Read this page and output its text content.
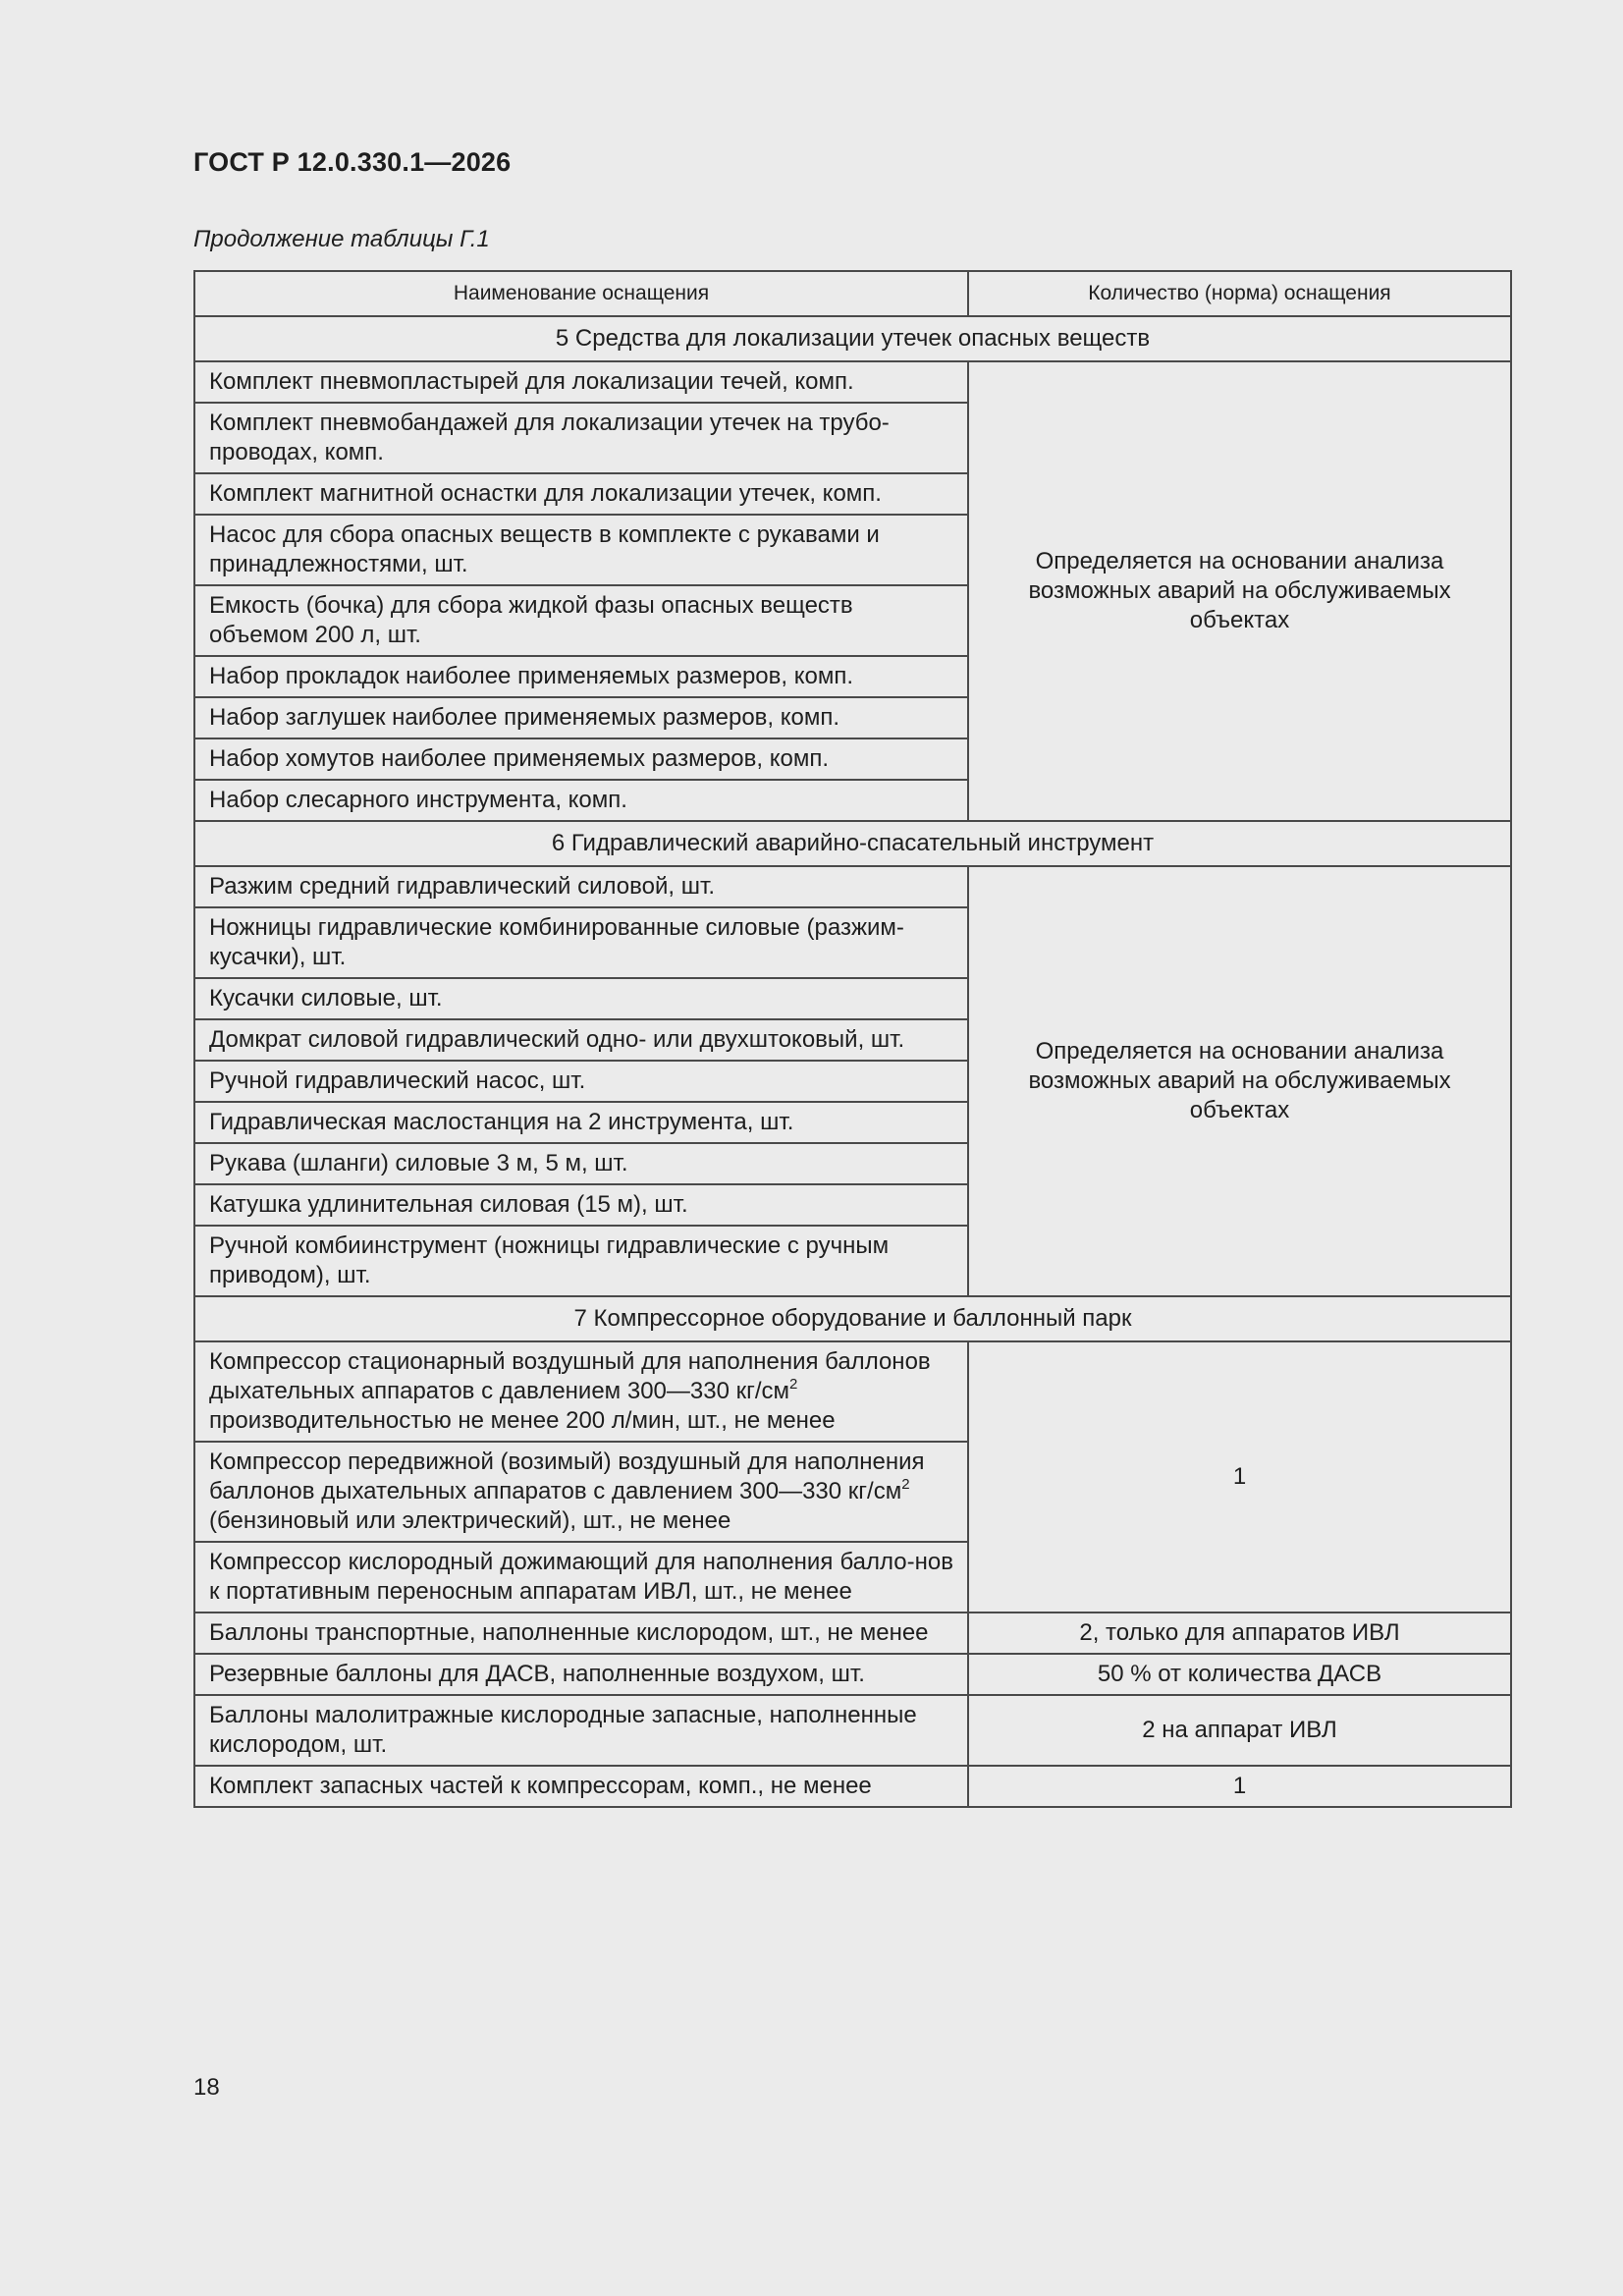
ГОСТ Р 12.0.330.1—2026
Продолжение таблицы Г.1
Наименование оснащения	Количество (норма) оснащения
5 Средства для локализации утечек опасных веществ	
Комплект пневмопластырей для локализации течей, комп.	Определяется на основании анализа возможных аварий на обслуживаемых объектах
Комплект пневмобандажей для локализации утечек на трубо-проводах, комп.	
Комплект магнитной оснастки для локализации утечек, комп.	
Насос для сбора опасных веществ в комплекте с рукавами и принадлежностями, шт.	
Емкость (бочка) для сбора жидкой фазы опасных веществ объемом 200 л, шт.	
Набор прокладок наиболее применяемых размеров, комп.	
Набор заглушек наиболее применяемых размеров, комп.	
Набор хомутов наиболее применяемых размеров, комп.	
Набор слесарного инструмента, комп.	
6 Гидравлический аварийно-спасательный инструмент	
Разжим средний гидравлический силовой, шт.	Определяется на основании анализа возможных аварий на обслуживаемых объектах
Ножницы гидравлические комбинированные силовые (разжим-кусачки), шт.	
Кусачки силовые, шт.	
Домкрат силовой гидравлический одно- или двухштоковый, шт.	
Ручной гидравлический насос, шт.	
Гидравлическая маслостанция на 2 инструмента, шт.	
Рукава (шланги) силовые 3 м, 5 м, шт.	
Катушка удлинительная силовая (15 м), шт.	
Ручной комбиинструмент (ножницы гидравлические с ручным приводом), шт.	
7 Компрессорное оборудование и баллонный парк	
Компрессор стационарный воздушный для наполнения баллонов дыхательных аппаратов с давлением 300—330 $кг/см^2$ производительностью не менее 200 л/мин, шт., не менее	1
Компрессор передвижной (возимый) воздушный для наполнения баллонов дыхательных аппаратов с давлением 300—330 $кг/см^2$ (бензиновый или электрический), шт., не менее	
Компрессор кислородный дожимающий для наполнения балло-нов к портативным переносным аппаратам ИВЛ, шт., не менее	
Баллоны транспортные, наполненные кислородом, шт., не менее	2, только для аппаратов ИВЛ
Резервные баллоны для ДАСВ, наполненные воздухом, шт.	50 % от количества ДАСВ
Баллоны малолитражные кислородные запасные, наполненные кислородом, шт.	2 на аппарат ИВЛ
Комплект запасных частей к компрессорам, комп., не менее	1
18
